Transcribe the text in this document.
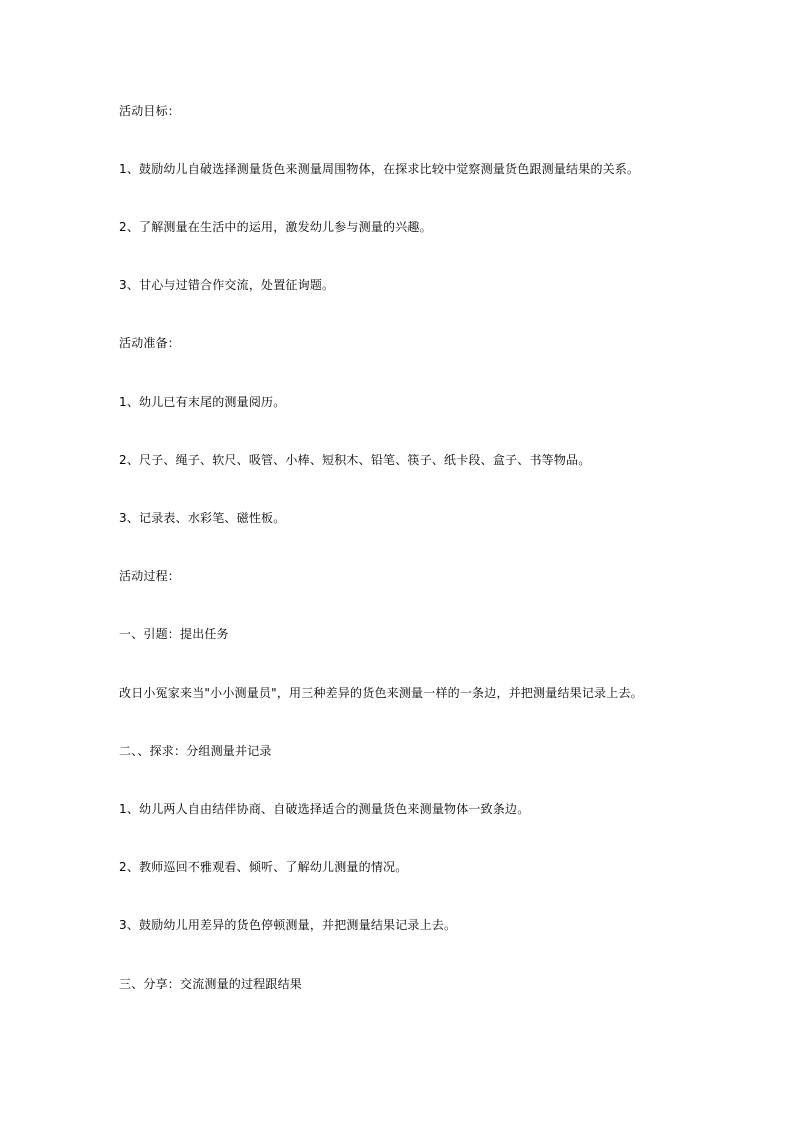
活动目标：
1、鼓励幼儿自破选择测量货色来测量周围物体，在探求比较中觉察测量货色跟测量结果的关系。
2、了解测量在生活中的运用，激发幼儿参与测量的兴趣。
3、甘心与过错合作交流，处置征询题。
活动准备：
1、幼儿已有末尾的测量阅历。
2、尺子、绳子、软尺、吸管、小棒、短积木、铅笔、筷子、纸卡段、盒子、书等物品。
3、记录表、水彩笔、磁性板。
活动过程：
一、引题：提出任务
改日小冤家来当"小小测量员"，用三种差异的货色来测量一样的一条边，并把测量结果记录上去。
二、、探求：分组测量并记录
1、幼儿两人自由结伴协商、自破选择适合的测量货色来测量物体一致条边。
2、教师巡回不雅观看、倾听、了解幼儿测量的情况。
3、鼓励幼儿用差异的货色停顿测量，并把测量结果记录上去。
三、分享：交流测量的过程跟结果
